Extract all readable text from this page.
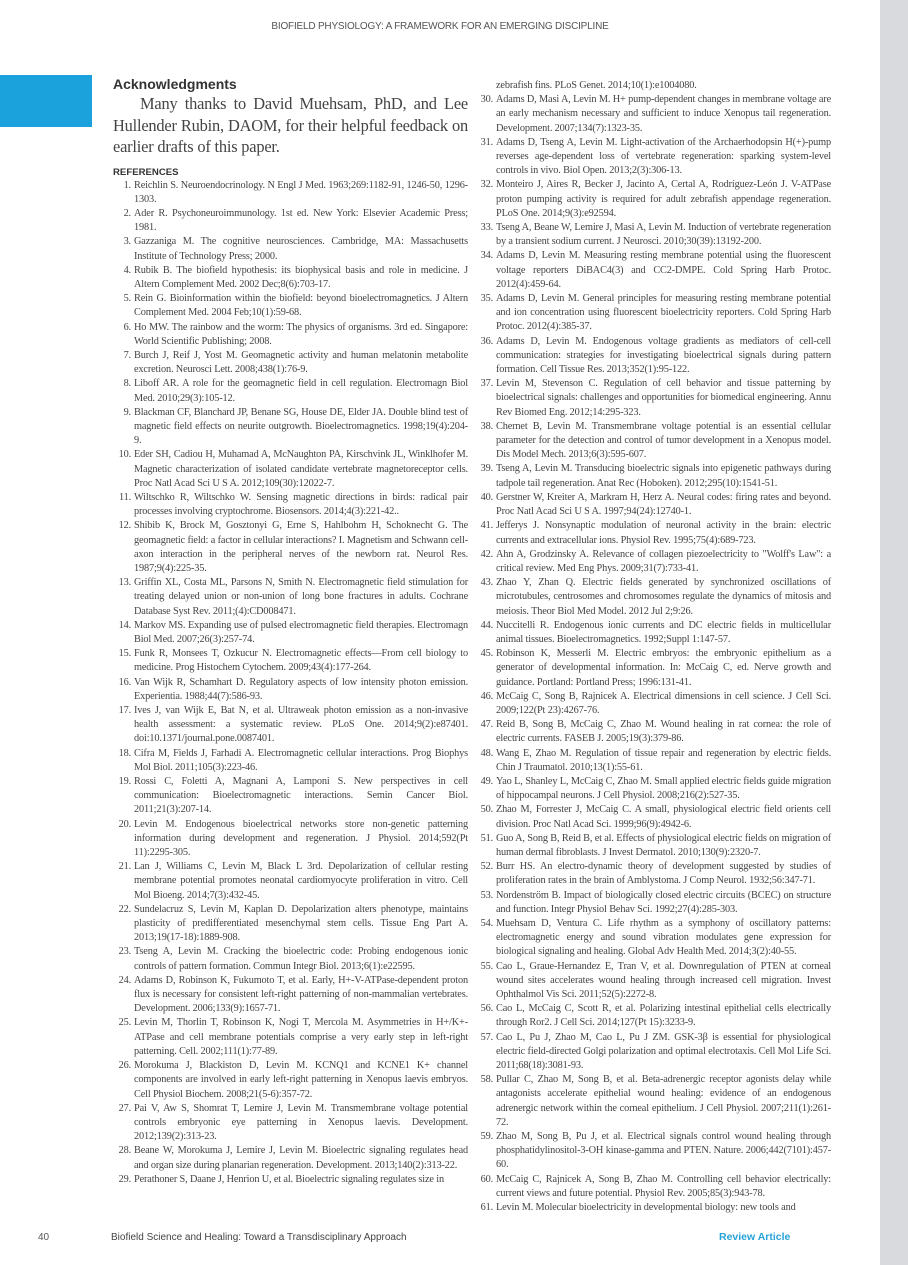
BIOFIELD PHYSIOLOGY: A FRAMEWORK FOR AN EMERGING DISCIPLINE
Acknowledgments

Many thanks to David Muehsam, PhD, and Lee Hullender Rubin, DAOM, for their helpful feedback on earlier drafts of this paper.

REFERENCES
1. Reichlin S. Neuroendocrinology. N Engl J Med. 1963;269:1182-91, 1246-50, 1296-1303.
2. Ader R. Psychoneuroimmunology. 1st ed. New York: Elsevier Academic Press; 1981.
3. Gazzaniga M. The cognitive neurosciences. Cambridge, MA: Massachusetts Institute of Technology Press; 2000.
4. Rubik B. The biofield hypothesis: its biophysical basis and role in medicine. J Altern Complement Med. 2002 Dec;8(6):703-17.
5. Rein G. Bioinformation within the biofield: beyond bioelectromagnetics. J Altern Complement Med. 2004 Feb;10(1):59-68.
6. Ho MW. The rainbow and the worm: The physics of organisms. 3rd ed. Singapore: World Scientific Publishing; 2008.
7. Burch J, Reif J, Yost M. Geomagnetic activity and human melatonin metabolite excretion. Neurosci Lett. 2008;438(1):76-9.
8. Liboff AR. A role for the geomagnetic field in cell regulation. Electromagn Biol Med. 2010;29(3):105-12.
9. Blackman CF, Blanchard JP, Benane SG, House DE, Elder JA. Double blind test of magnetic field effects on neurite outgrowth. Bioelectromagnetics. 1998;19(4):204-9.
10. Eder SH, Cadiou H, Muhamad A, McNaughton PA, Kirschvink JL, Winklhofer M. Magnetic characterization of isolated candidate vertebrate magnetoreceptor cells. Proc Natl Acad Sci U S A. 2012;109(30):12022-7.
11. Wiltschko R, Wiltschko W. Sensing magnetic directions in birds: radical pair processes involving cryptochrome. Biosensors. 2014;4(3):221-42..
12. Shibib K, Brock M, Gosztonyi G, Erne S, Hahlbohm H, Schoknecht G. The geomagnetic field: a factor in cellular interactions? I. Magnetism and Schwann cell-axon interaction in the peripheral nerves of the newborn rat. Neurol Res. 1987;9(4):225-35.
13. Griffin XL, Costa ML, Parsons N, Smith N. Electromagnetic field stimulation for treating delayed union or non-union of long bone fractures in adults. Cochrane Database Syst Rev. 2011;(4):CD008471.
14. Markov MS. Expanding use of pulsed electromagnetic field therapies. Electromagn Biol Med. 2007;26(3):257-74.
15. Funk R, Monsees T, Ozkucur N. Electromagnetic effects—From cell biology to medicine. Prog Histochem Cytochem. 2009;43(4):177-264.
16. Van Wijk R, Schamhart D. Regulatory aspects of low intensity photon emission. Experientia. 1988;44(7):586-93.
17. Ives J, van Wijk E, Bat N, et al. Ultraweak photon emission as a non-invasive health assessment: a systematic review. PLoS One. 2014;9(2):e87401. doi:10.1371/journal.pone.0087401.
18. Cifra M, Fields J, Farhadi A. Electromagnetic cellular interactions. Prog Biophys Mol Biol. 2011;105(3):223-46.
19. Rossi C, Foletti A, Magnani A, Lamponi S. New perspectives in cell communication: Bioelectromagnetic interactions. Semin Cancer Biol. 2011;21(3):207-14.
20. Levin M. Endogenous bioelectrical networks store non-genetic patterning information during development and regeneration. J Physiol. 2014;592(Pt 11):2295-305.
21. Lan J, Williams C, Levin M, Black L 3rd. Depolarization of cellular resting membrane potential promotes neonatal cardiomyocyte proliferation in vitro. Cell Mol Bioeng. 2014;7(3):432-45.
22. Sundelacruz S, Levin M, Kaplan D. Depolarization alters phenotype, maintains plasticity of predifferentiated mesenchymal stem cells. Tissue Eng Part A. 2013;19(17-18):1889-908.
23. Tseng A, Levin M. Cracking the bioelectric code: Probing endogenous ionic controls of pattern formation. Commun Integr Biol. 2013;6(1):e22595.
24. Adams D, Robinson K, Fukumoto T, et al. Early, H+-V-ATPase-dependent proton flux is necessary for consistent left-right patterning of non-mammalian vertebrates. Development. 2006;133(9):1657-71.
25. Levin M, Thorlin T, Robinson K, Nogi T, Mercola M. Asymmetries in H+/K+-ATPase and cell membrane potentials comprise a very early step in left-right patterning. Cell. 2002;111(1):77-89.
26. Morokuma J, Blackiston D, Levin M. KCNQ1 and KCNE1 K+ channel components are involved in early left-right patterning in Xenopus laevis embryos. Cell Physiol Biochem. 2008;21(5-6):357-72.
27. Pai V, Aw S, Shomrat T, Lemire J, Levin M. Transmembrane voltage potential controls embryonic eye patterning in Xenopus laevis. Development. 2012;139(2):313-23.
28. Beane W, Morokuma J, Lemire J, Levin M. Bioelectric signaling regulates head and organ size during planarian regeneration. Development. 2013;140(2):313-22.
29. Perathoner S, Daane J, Henrion U, et al. Bioelectric signaling regulates size in
zebrafish fins. PLoS Genet. 2014;10(1):e1004080.
30. Adams D, Masi A, Levin M. H+ pump-dependent changes in membrane voltage are an early mechanism necessary and sufficient to induce Xenopus tail regeneration. Development. 2007;134(7):1323-35.
31. Adams D, Tseng A, Levin M. Light-activation of the Archaerhodopsin H(+)-pump reverses age-dependent loss of vertebrate regeneration: sparking system-level controls in vivo. Biol Open. 2013;2(3):306-13.
32. Monteiro J, Aires R, Becker J, Jacinto A, Certal A, Rodríguez-León J. V-ATPase proton pumping activity is required for adult zebrafish appendage regeneration. PLoS One. 2014;9(3):e92594.
33. Tseng A, Beane W, Lemire J, Masi A, Levin M. Induction of vertebrate regeneration by a transient sodium current. J Neurosci. 2010;30(39):13192-200.
34. Adams D, Levin M. Measuring resting membrane potential using the fluorescent voltage reporters DiBAC4(3) and CC2-DMPE. Cold Spring Harb Protoc. 2012(4):459-64.
35. Adams D, Levin M. General principles for measuring resting membrane potential and ion concentration using fluorescent bioelectricity reporters. Cold Spring Harb Protoc. 2012(4):385-37.
36. Adams D, Levin M. Endogenous voltage gradients as mediators of cell-cell communication: strategies for investigating bioelectrical signals during pattern formation. Cell Tissue Res. 2013;352(1):95-122.
37. Levin M, Stevenson C. Regulation of cell behavior and tissue patterning by bioelectrical signals: challenges and opportunities for biomedical engineering. Annu Rev Biomed Eng. 2012;14:295-323.
38. Chernet B, Levin M. Transmembrane voltage potential is an essential cellular parameter for the detection and control of tumor development in a Xenopus model. Dis Model Mech. 2013;6(3):595-607.
39. Tseng A, Levin M. Transducing bioelectric signals into epigenetic pathways during tadpole tail regeneration. Anat Rec (Hoboken). 2012;295(10):1541-51.
40. Gerstner W, Kreiter A, Markram H, Herz A. Neural codes: firing rates and beyond. Proc Natl Acad Sci U S A. 1997;94(24):12740-1.
41. Jefferys J. Nonsynaptic modulation of neuronal activity in the brain: electric currents and extracellular ions. Physiol Rev. 1995;75(4):689-723.
42. Ahn A, Grodzinsky A. Relevance of collagen piezoelectricity to "Wolff's Law": a critical review. Med Eng Phys. 2009;31(7):733-41.
43. Zhao Y, Zhan Q. Electric fields generated by synchronized oscillations of microtubules, centrosomes and chromosomes regulate the dynamics of mitosis and meiosis. Theor Biol Med Model. 2012 Jul 2;9:26.
44. Nuccitelli R. Endogenous ionic currents and DC electric fields in multicellular animal tissues. Bioelectromagnetics. 1992;Suppl 1:147-57.
45. Robinson K, Messerli M. Electric embryos: the embryonic epithelium as a generator of developmental information. In: McCaig C, ed. Nerve growth and guidance. Portland: Portland Press; 1996:131-41.
46. McCaig C, Song B, Rajnicek A. Electrical dimensions in cell science. J Cell Sci. 2009;122(Pt 23):4267-76.
47. Reid B, Song B, McCaig C, Zhao M. Wound healing in rat cornea: the role of electric currents. FASEB J. 2005;19(3):379-86.
48. Wang E, Zhao M. Regulation of tissue repair and regeneration by electric fields. Chin J Traumatol. 2010;13(1):55-61.
49. Yao L, Shanley L, McCaig C, Zhao M. Small applied electric fields guide migration of hippocampal neurons. J Cell Physiol. 2008;216(2):527-35.
50. Zhao M, Forrester J, McCaig C. A small, physiological electric field orients cell division. Proc Natl Acad Sci. 1999;96(9):4942-6.
51. Guo A, Song B, Reid B, et al. Effects of physiological electric fields on migration of human dermal fibroblasts. J Invest Dermatol. 2010;130(9):2320-7.
52. Burr HS. An electro-dynamic theory of development suggested by studies of proliferation rates in the brain of Amblystoma. J Comp Neurol. 1932;56:347-71.
53. Nordenström B. Impact of biologically closed electric circuits (BCEC) on structure and function. Integr Physiol Behav Sci. 1992;27(4):285-303.
54. Muehsam D, Ventura C. Life rhythm as a symphony of oscillatory patterns: electromagnetic energy and sound vibration modulates gene expression for biological signaling and healing. Global Adv Health Med. 2014;3(2):40-55.
55. Cao L, Graue-Hernandez E, Tran V, et al. Downregulation of PTEN at corneal wound sites accelerates wound healing through increased cell migration. Invest Ophthalmol Vis Sci. 2011;52(5):2272-8.
56. Cao L, McCaig C, Scott R, et al. Polarizing intestinal epithelial cells electrically through Ror2. J Cell Sci. 2014;127(Pt 15):3233-9.
57. Cao L, Pu J, Zhao M, Cao L, Pu J ZM. GSK-3β is essential for physiological electric field-directed Golgi polarization and optimal electrotaxis. Cell Mol Life Sci. 2011;68(18):3081-93.
58. Pullar C, Zhao M, Song B, et al. Beta-adrenergic receptor agonists delay while antagonists accelerate epithelial wound healing: evidence of an endogenous adrenergic network within the corneal epithelium. J Cell Physiol. 2007;211(1):261-72.
59. Zhao M, Song B, Pu J, et al. Electrical signals control wound healing through phosphatidylinositol-3-OH kinase-gamma and PTEN. Nature. 2006;442(7101):457-60.
60. McCaig C, Rajnicek A, Song B, Zhao M. Controlling cell behavior electrically: current views and future potential. Physiol Rev. 2005;85(3):943-78.
61. Levin M. Molecular bioelectricity in developmental biology: new tools and
40	Biofield Science and Healing: Toward a Transdisciplinary Approach	Review Article
